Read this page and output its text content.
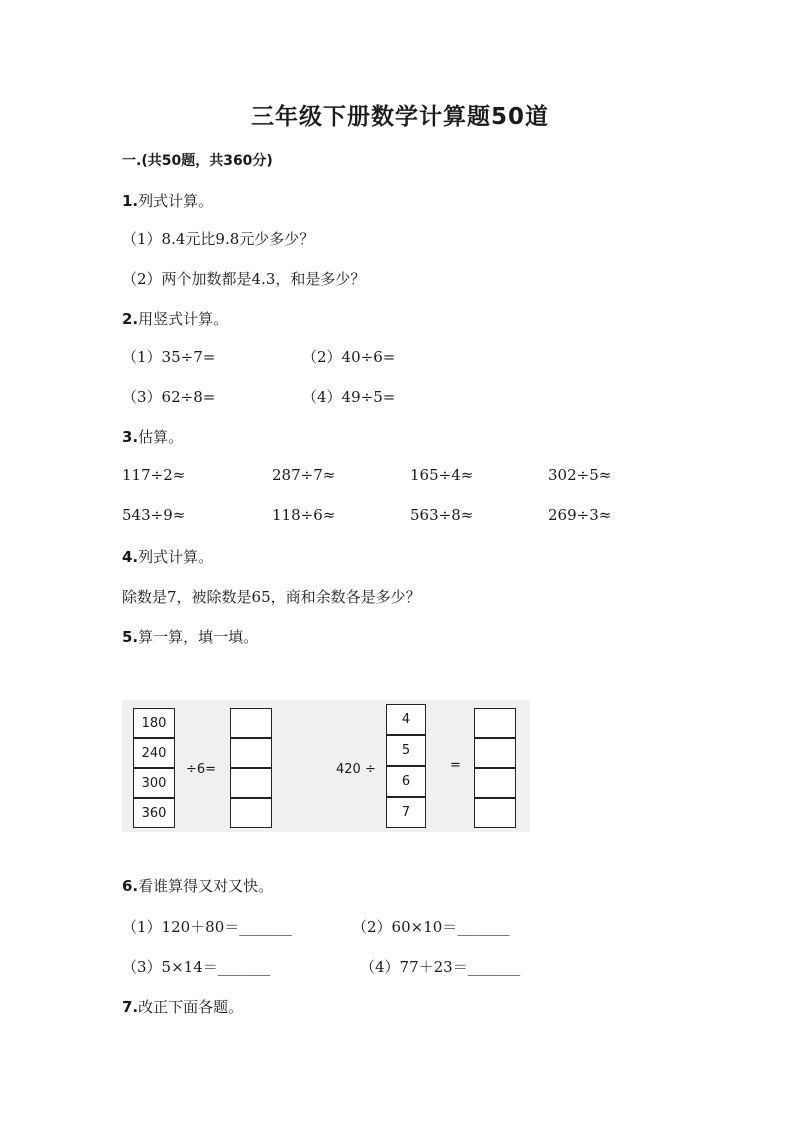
三年级下册数学计算题50道
一.(共50题，共360分)
1.列式计算。
（1）8.4元比9.8元少多少？
（2）两个加数都是4.3，和是多少？
2.用竖式计算。
（1）35÷7=	（2）40÷6=
（3）62÷8=	（4）49÷5=
3.估算。
117÷2≈	287÷7≈	165÷4≈	302÷5≈
543÷9≈	118÷6≈	563÷8≈	269÷3≈
4.列式计算。
除数是7，被除数是65，商和余数各是多少？
5.算一算，填一填。
180
240
300
360
÷6=	420 ÷
4
5
6
7
=
6.看谁算得又对又快。
（1）120＋80＝_______	（2）60×10＝_______
（3）5×14＝_______	（4）77＋23＝_______
7.改正下面各题。
